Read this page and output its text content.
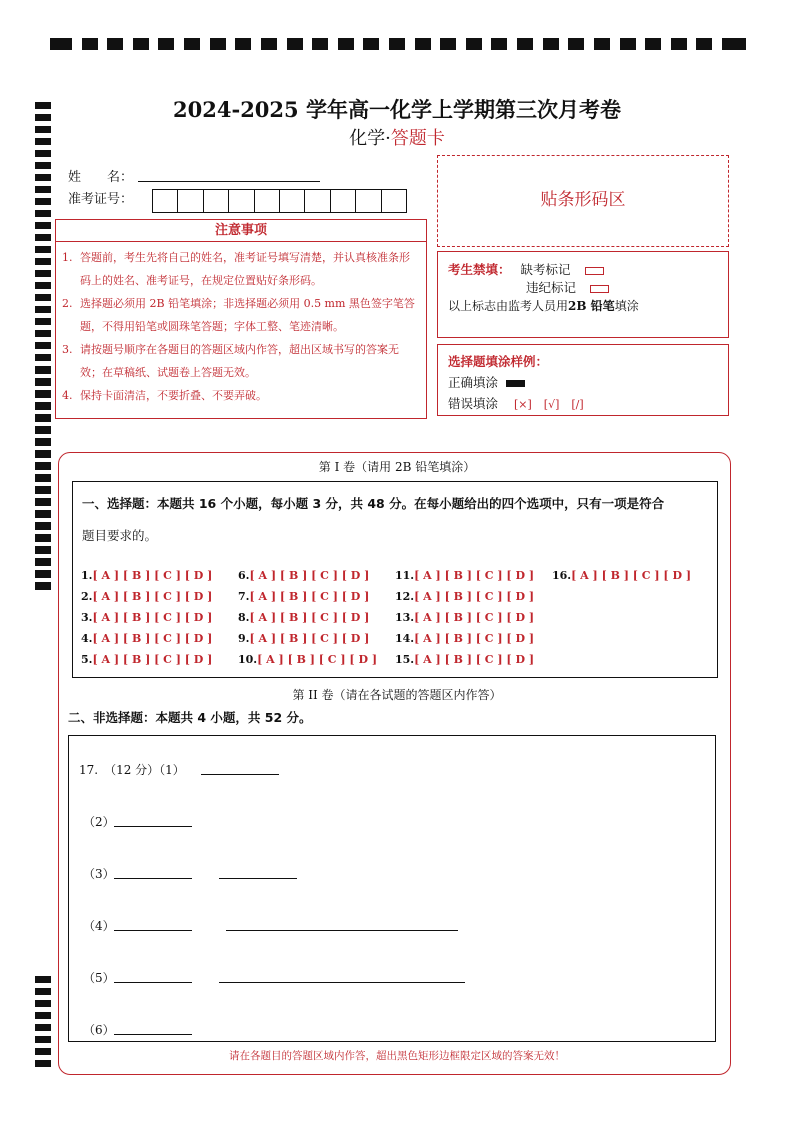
2024-2025 学年高一化学上学期第三次月考卷
化学·答题卡
姓　　名：
准考证号：
注意事项
1. 答题前，考生先将自己的姓名，准考证号填写清楚，并认真核准条形码上的姓名、准考证号，在规定位置贴好条形码。
2. 选择题必须用 2B 铅笔填涂；非选择题必须用 0.5 mm 黑色签字笔答题，不得用铅笔或圆珠笔答题；字体工整、笔迹清晰。
3. 请按题号顺序在各题目的答题区域内作答，超出区域书写的答案无效；在草稿纸、试题卷上答题无效。
4. 保持卡面清洁，不要折叠、不要弄破。
贴条形码区
考生禁填： 缺考标记
违纪标记
以上标志由监考人员用2B 铅笔填涂
选择题填涂样例：
正确填涂
错误填涂 [×] [√] [/]
第 I 卷（请用 2B 铅笔填涂）
一、选择题：本题共 16 个小题，每小题 3 分，共 48 分。在每小题给出的四个选项中，只有一项是符合
题目要求的。
1.[ A ] [ B ] [ C ] [ D ]
2.[ A ] [ B ] [ C ] [ D ]
3.[ A ] [ B ] [ C ] [ D ]
4.[ A ] [ B ] [ C ] [ D ]
5.[ A ] [ B ] [ C ] [ D ]
6.[ A ] [ B ] [ C ] [ D ]
7.[ A ] [ B ] [ C ] [ D ]
8.[ A ] [ B ] [ C ] [ D ]
9.[ A ] [ B ] [ C ] [ D ]
10.[ A ] [ B ] [ C ] [ D ]
11.[ A ] [ B ] [ C ] [ D ]
12.[ A ] [ B ] [ C ] [ D ]
13.[ A ] [ B ] [ C ] [ D ]
14.[ A ] [ B ] [ C ] [ D ]
15.[ A ] [ B ] [ C ] [ D ]
16.[ A ] [ B ] [ C ] [ D ]
第 II 卷（请在各试题的答题区内作答）
二、非选择题：本题共 4 小题，共 52 分。
17.　（12 分）（1）
（2）
（3）
（4）
（5）
（6）
请在各题目的答题区域内作答，超出黑色矩形边框限定区域的答案无效！
